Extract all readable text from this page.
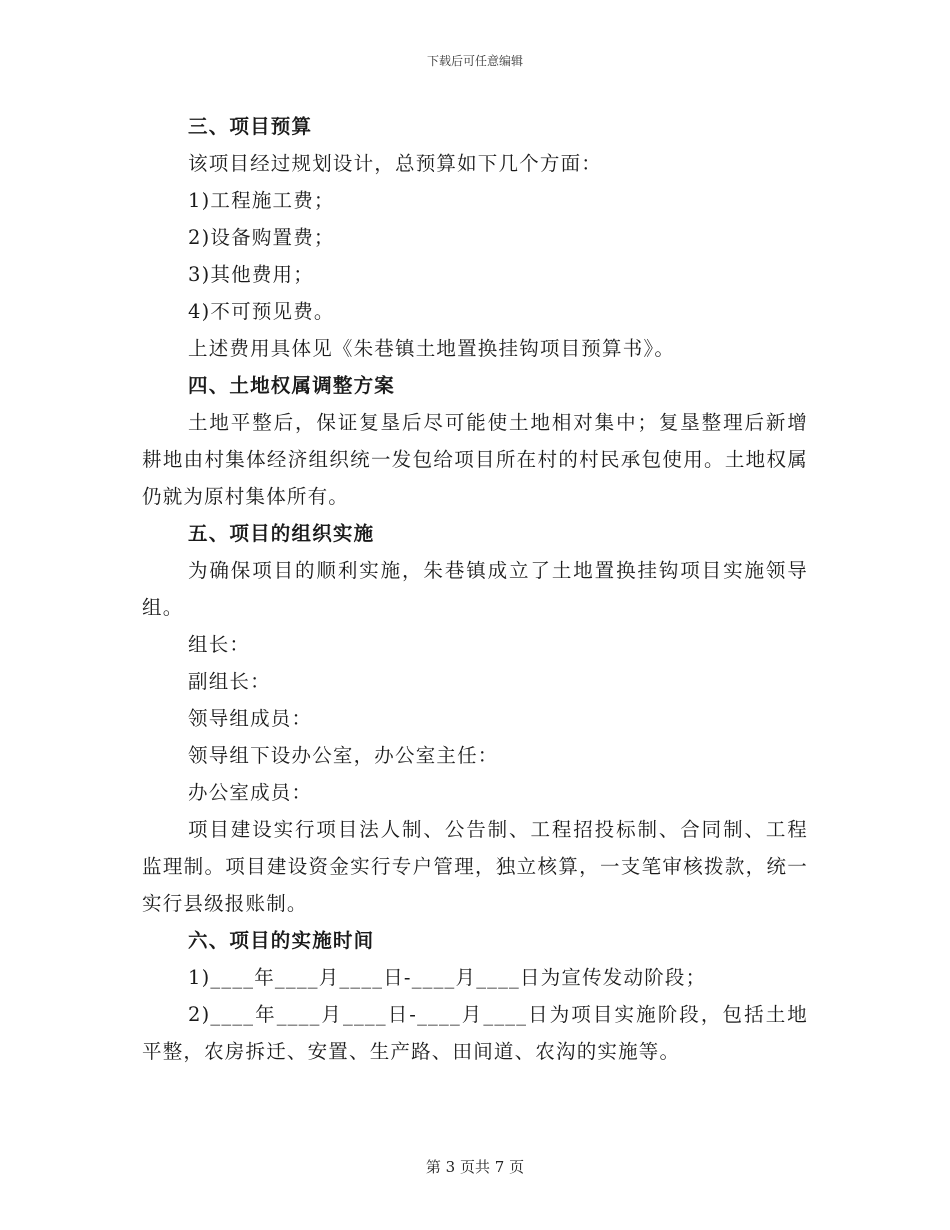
下载后可任意编辑

三、项目预算

该项目经过规划设计，总预算如下几个方面：

1)工程施工费；

2)设备购置费；

3)其他费用；

4)不可预见费。

上述费用具体见《朱巷镇土地置换挂钩项目预算书》。

四、土地权属调整方案

土地平整后，保证复垦后尽可能使土地相对集中；复垦整理后新增耕地由村集体经济组织统一发包给项目所在村的村民承包使用。土地权属仍就为原村集体所有。

五、项目的组织实施

为确保项目的顺利实施，朱巷镇成立了土地置换挂钩项目实施领导组。

组长：

副组长：

领导组成员：

领导组下设办公室，办公室主任：

办公室成员：

项目建设实行项目法人制、公告制、工程招投标制、合同制、工程监理制。项目建设资金实行专户管理，独立核算，一支笔审核拨款，统一实行县级报账制。

六、项目的实施时间

1)____年____月____日-____月____日为宣传发动阶段；

2)____年____月____日-____月____日为项目实施阶段，包括土地平整，农房拆迁、安置、生产路、田间道、农沟的实施等。

第 3 页共 7 页
